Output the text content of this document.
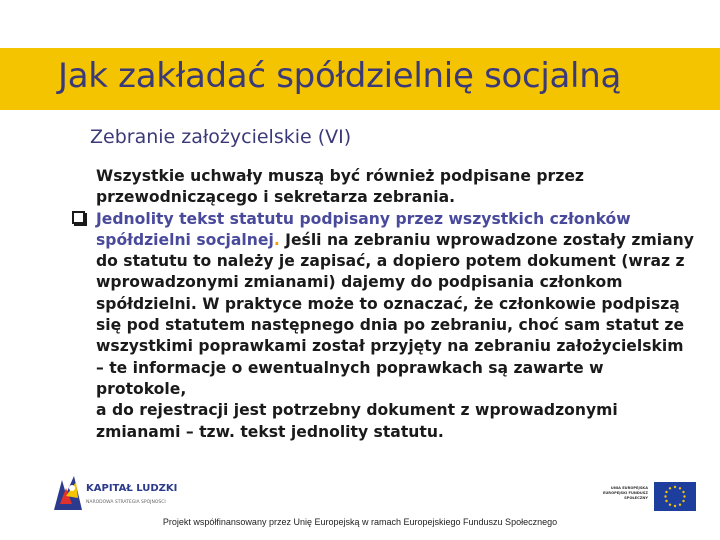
Jak zakładać spółdzielnię socjalną
Zebranie założycielskie (VI)

Wszystkie uchwały muszą być również podpisane przez przewodniczącego i sekretarza zebrania.

Jednolity tekst statutu podpisany przez wszystkich członków spółdzielni socjalnej. Jeśli na zebraniu wprowadzone zostały zmiany do statutu to należy je zapisać, a dopiero potem dokument (wraz z wprowadzonymi zmianami) dajemy do podpisania członkom spółdzielni. W praktyce może to oznaczać, że członkowie podpiszą się pod statutem następnego dnia po zebraniu, choć sam statut ze wszystkimi poprawkami został przyjęty na zebraniu założycielskim – te informacje o ewentualnych poprawkach są zawarte w protokole,
a do rejestracji jest potrzebny dokument z wprowadzonymi zmianami – tzw. tekst jednolity statutu.
KAPITAŁ LUDZKI
NARODOWA STRATEGIA SPÓJNOŚCI
UNIA EUROPEJSKA EUROPEJSKI FUNDUSZ SPOŁECZNY
Projekt współfinansowany przez Unię Europejską w ramach Europejskiego Funduszu Społecznego
